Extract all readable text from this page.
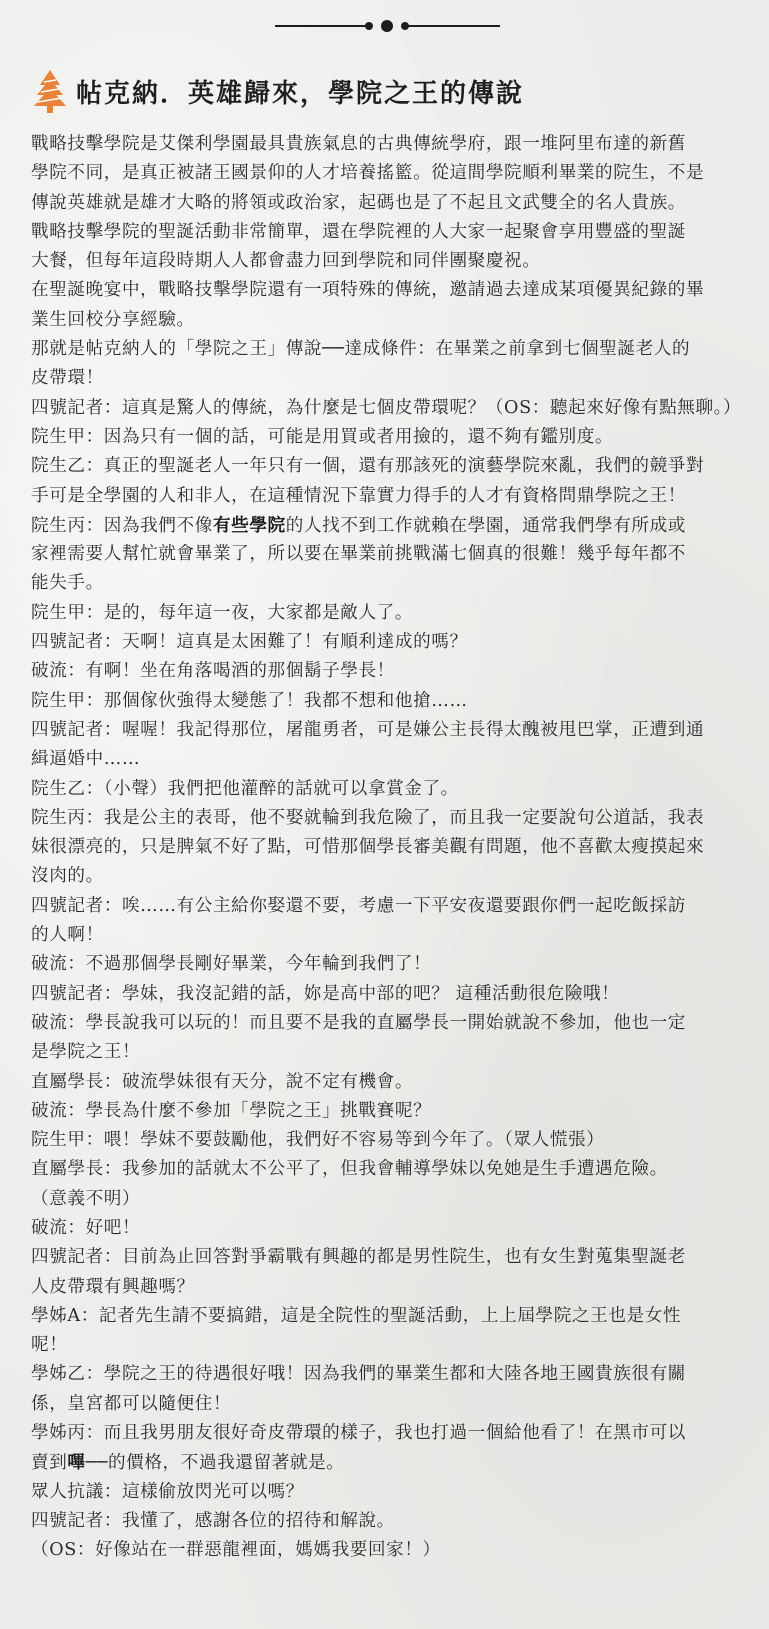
帖克納．英雄歸來，學院之王的傳說
戰略技擊學院是艾傑利學園最具貴族氣息的古典傳統學府，跟一堆阿里布達的新舊
學院不同，是真正被諸王國景仰的人才培養搖籃。從這間學院順利畢業的院生，不是
傳說英雄就是雄才大略的將領或政治家，起碼也是了不起且文武雙全的名人貴族。
戰略技擊學院的聖誕活動非常簡單，還在學院裡的人大家一起聚會享用豐盛的聖誕
大餐，但每年這段時期人人都會盡力回到學院和同伴團聚慶祝。
在聖誕晚宴中，戰略技擊學院還有一項特殊的傳統，邀請過去達成某項優異紀錄的畢
業生回校分享經驗。
那就是帖克納人的「學院之王」傳說──達成條件：在畢業之前拿到七個聖誕老人的
皮帶環！
四號記者：這真是驚人的傳統，為什麼是七個皮帶環呢？（OS：聽起來好像有點無聊。）
院生甲：因為只有一個的話，可能是用買或者用撿的，還不夠有鑑別度。
院生乙：真正的聖誕老人一年只有一個，還有那該死的演藝學院來亂，我們的競爭對
手可是全學園的人和非人，在這種情況下靠實力得手的人才有資格問鼎學院之王！
院生丙：因為我們不像有些學院的人找不到工作就賴在學園，通常我們學有所成或
家裡需要人幫忙就會畢業了，所以要在畢業前挑戰滿七個真的很難！幾乎每年都不
能失手。
院生甲：是的，每年這一夜，大家都是敵人了。
四號記者：天啊！這真是太困難了！有順利達成的嗎？
破流：有啊！坐在角落喝酒的那個鬍子學長！
院生甲：那個傢伙強得太變態了！我都不想和他搶……
四號記者：喔喔！我記得那位，屠龍勇者，可是嫌公主長得太醜被甩巴掌，正遭到通
緝逼婚中……
院生乙：（小聲）我們把他灌醉的話就可以拿賞金了。
院生丙：我是公主的表哥，他不娶就輪到我危險了，而且我一定要說句公道話，我表
妹很漂亮的，只是脾氣不好了點，可惜那個學長審美觀有問題，他不喜歡太瘦摸起來
沒肉的。
四號記者：唉……有公主給你娶還不要，考慮一下平安夜還要跟你們一起吃飯採訪
的人啊！
破流：不過那個學長剛好畢業，今年輪到我們了！
四號記者：學妹，我沒記錯的話，妳是高中部的吧？ 這種活動很危險哦！
破流：學長說我可以玩的！而且要不是我的直屬學長一開始就說不參加，他也一定
是學院之王！
直屬學長：破流學妹很有天分，說不定有機會。
破流：學長為什麼不參加「學院之王」挑戰賽呢？
院生甲：喂！學妹不要鼓勵他，我們好不容易等到今年了。（眾人慌張）
直屬學長：我參加的話就太不公平了，但我會輔導學妹以免她是生手遭遇危險。
（意義不明）
破流：好吧！
四號記者：目前為止回答對爭霸戰有興趣的都是男性院生，也有女生對蒐集聖誕老
人皮帶環有興趣嗎？
學姊A：記者先生請不要搞錯，這是全院性的聖誕活動，上上屆學院之王也是女性
呢！
學姊乙：學院之王的待遇很好哦！因為我們的畢業生都和大陸各地王國貴族很有關
係，皇宮都可以隨便住！
學姊丙：而且我男朋友很好奇皮帶環的樣子，我也打過一個給他看了！在黑市可以
賣到嗶──的價格，不過我還留著就是。
眾人抗議：這樣偷放閃光可以嗎？
四號記者：我懂了，感謝各位的招待和解說。
（OS：好像站在一群惡龍裡面，媽媽我要回家！）
